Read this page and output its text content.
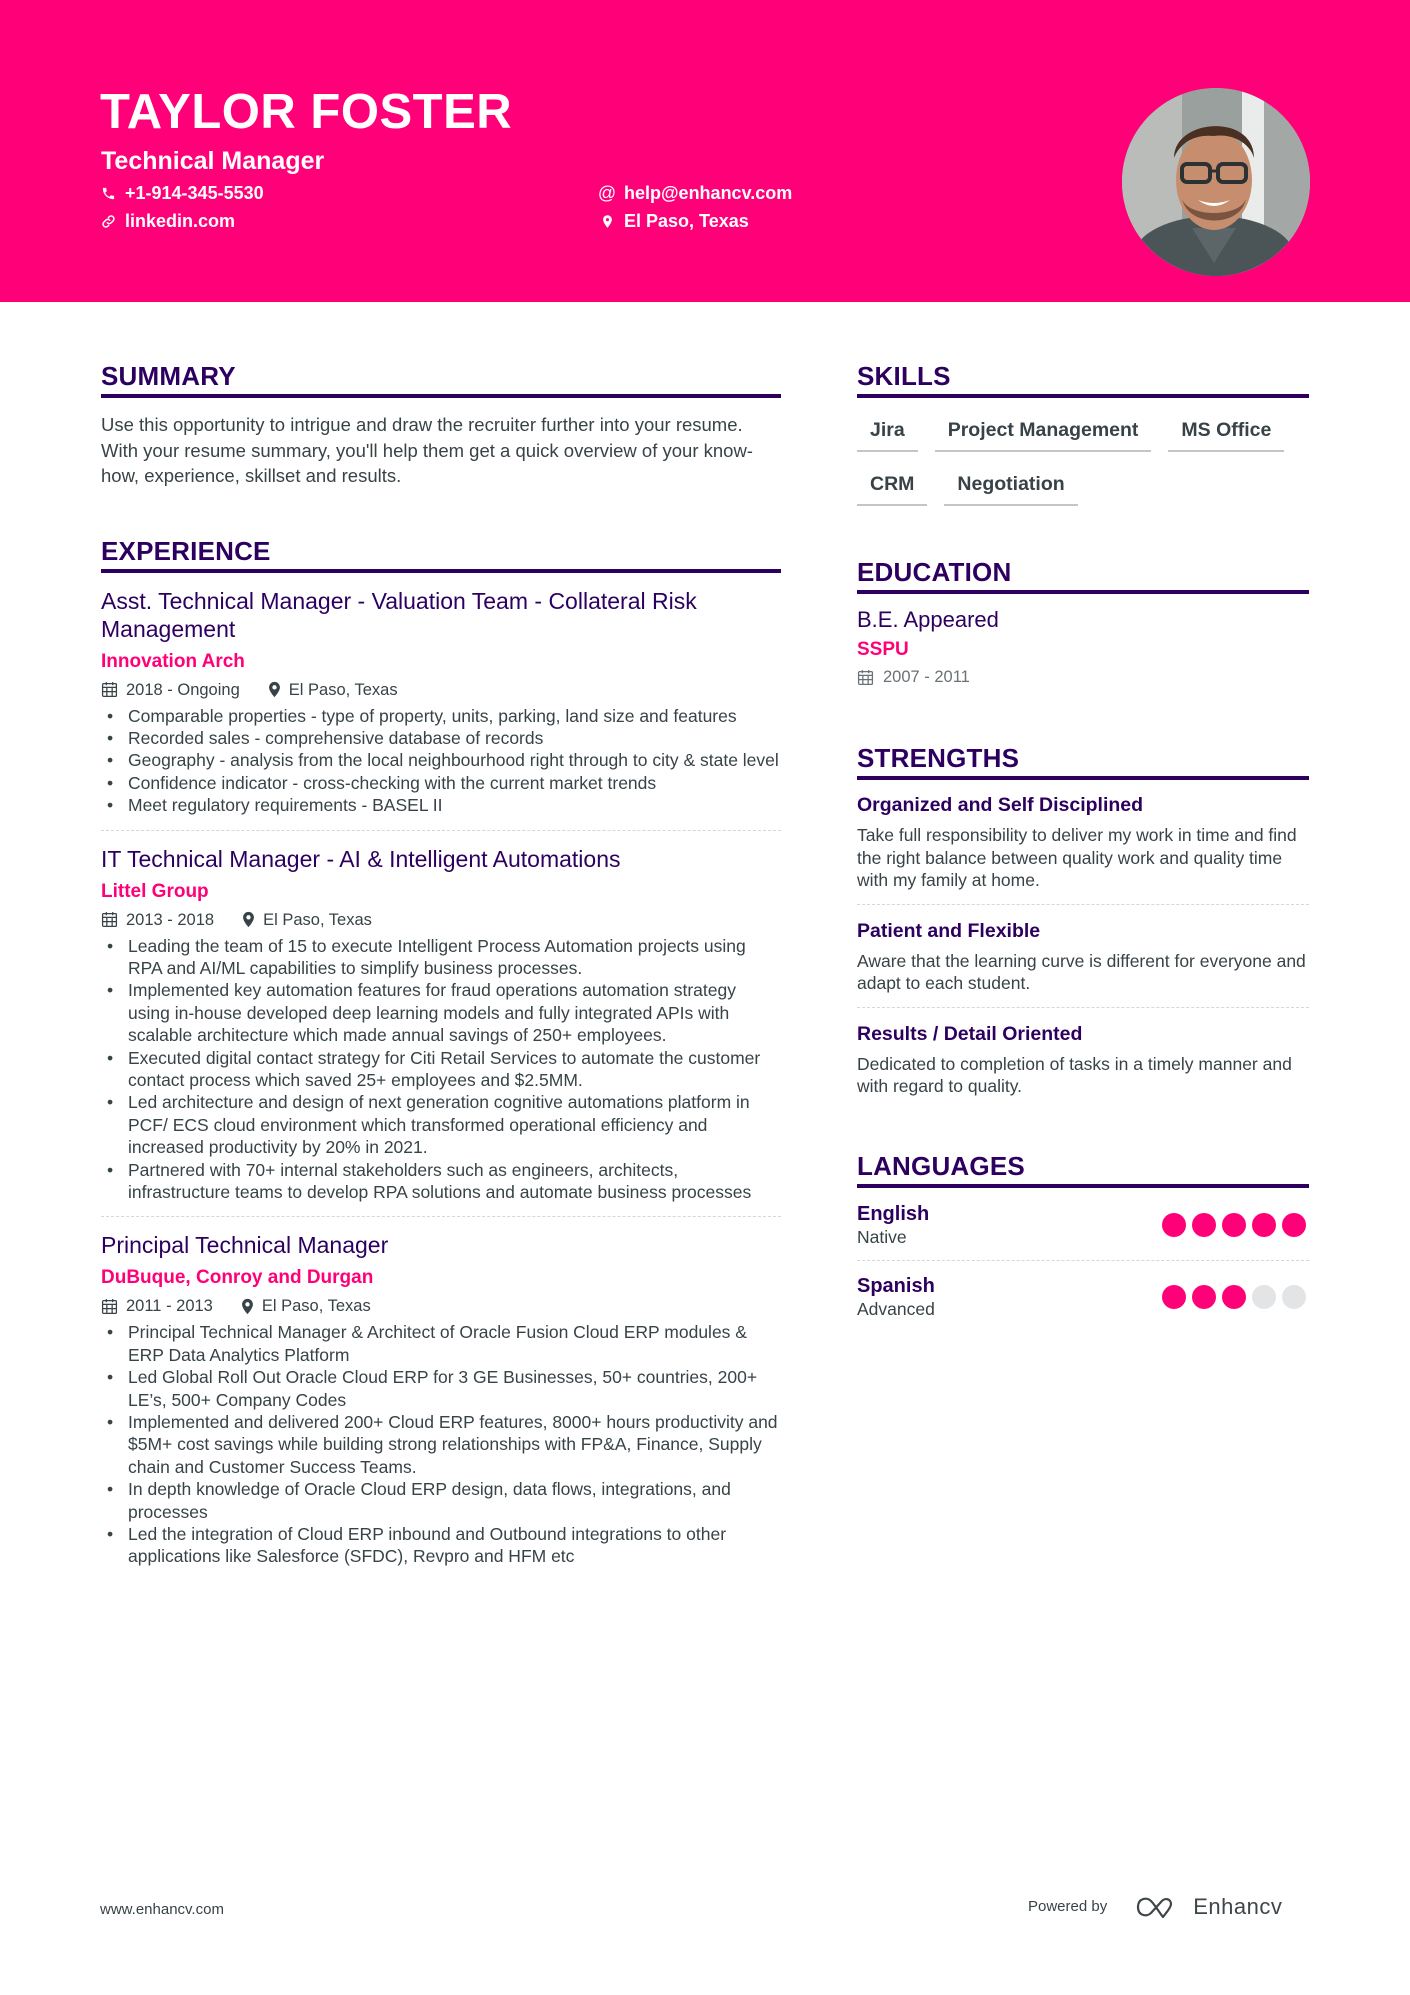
TAYLOR FOSTER
Technical Manager
+1-914-345-5530
linkedin.com
@ help@enhancv.com
El Paso, Texas
SUMMARY

Use this opportunity to intrigue and draw the recruiter further into your resume. With your resume summary, you'll help them get a quick overview of your know-how, experience, skillset and results.

EXPERIENCE
Asst. Technical Manager - Valuation Team - Collateral Risk Management
Innovation Arch
2018 - Ongoing	El Paso, Texas
• Comparable properties - type of property, units, parking, land size and features
• Recorded sales - comprehensive database of records
• Geography - analysis from the local neighbourhood right through to city & state level
• Confidence indicator - cross-checking with the current market trends
• Meet regulatory requirements - BASEL II
IT Technical Manager - AI & Intelligent Automations
Littel Group
2013 - 2018	El Paso, Texas
• Leading the team of 15 to execute Intelligent Process Automation projects using RPA and AI/ML capabilities to simplify business processes.
• Implemented key automation features for fraud operations automation strategy using in-house developed deep learning models and fully integrated APIs with scalable architecture which made annual savings of 250+ employees.
• Executed digital contact strategy for Citi Retail Services to automate the customer contact process which saved 25+ employees and $2.5MM.
• Led architecture and design of next generation cognitive automations platform in PCF/ ECS cloud environment which transformed operational efficiency and increased productivity by 20% in 2021.
• Partnered with 70+ internal stakeholders such as engineers, architects, infrastructure teams to develop RPA solutions and automate business processes
Principal Technical Manager
DuBuque, Conroy and Durgan
2011 - 2013	El Paso, Texas
• Principal Technical Manager & Architect of Oracle Fusion Cloud ERP modules & ERP Data Analytics Platform
• Led Global Roll Out Oracle Cloud ERP for 3 GE Businesses, 50+ countries, 200+ LE’s, 500+ Company Codes
• Implemented and delivered 200+ Cloud ERP features, 8000+ hours productivity and $5M+ cost savings while building strong relationships with FP&A, Finance, Supply chain and Customer Success Teams.
• In depth knowledge of Oracle Cloud ERP design, data flows, integrations, and processes
• Led the integration of Cloud ERP inbound and Outbound integrations to other applications like Salesforce (SFDC), Revpro and HFM etc
SKILLS
Jira	Project Management	MS Office
CRM	Negotiation
EDUCATION
B.E. Appeared
SSPU
2007 - 2011
STRENGTHS
Organized and Self Disciplined
Take full responsibility to deliver my work in time and find the right balance between quality work and quality time with my family at home.
Patient and Flexible
Aware that the learning curve is different for everyone and adapt to each student.
Results / Detail Oriented
Dedicated to completion of tasks in a timely manner and with regard to quality.
LANGUAGES
English
Native
Spanish
Advanced
www.enhancv.com	Powered by	Enhancv
